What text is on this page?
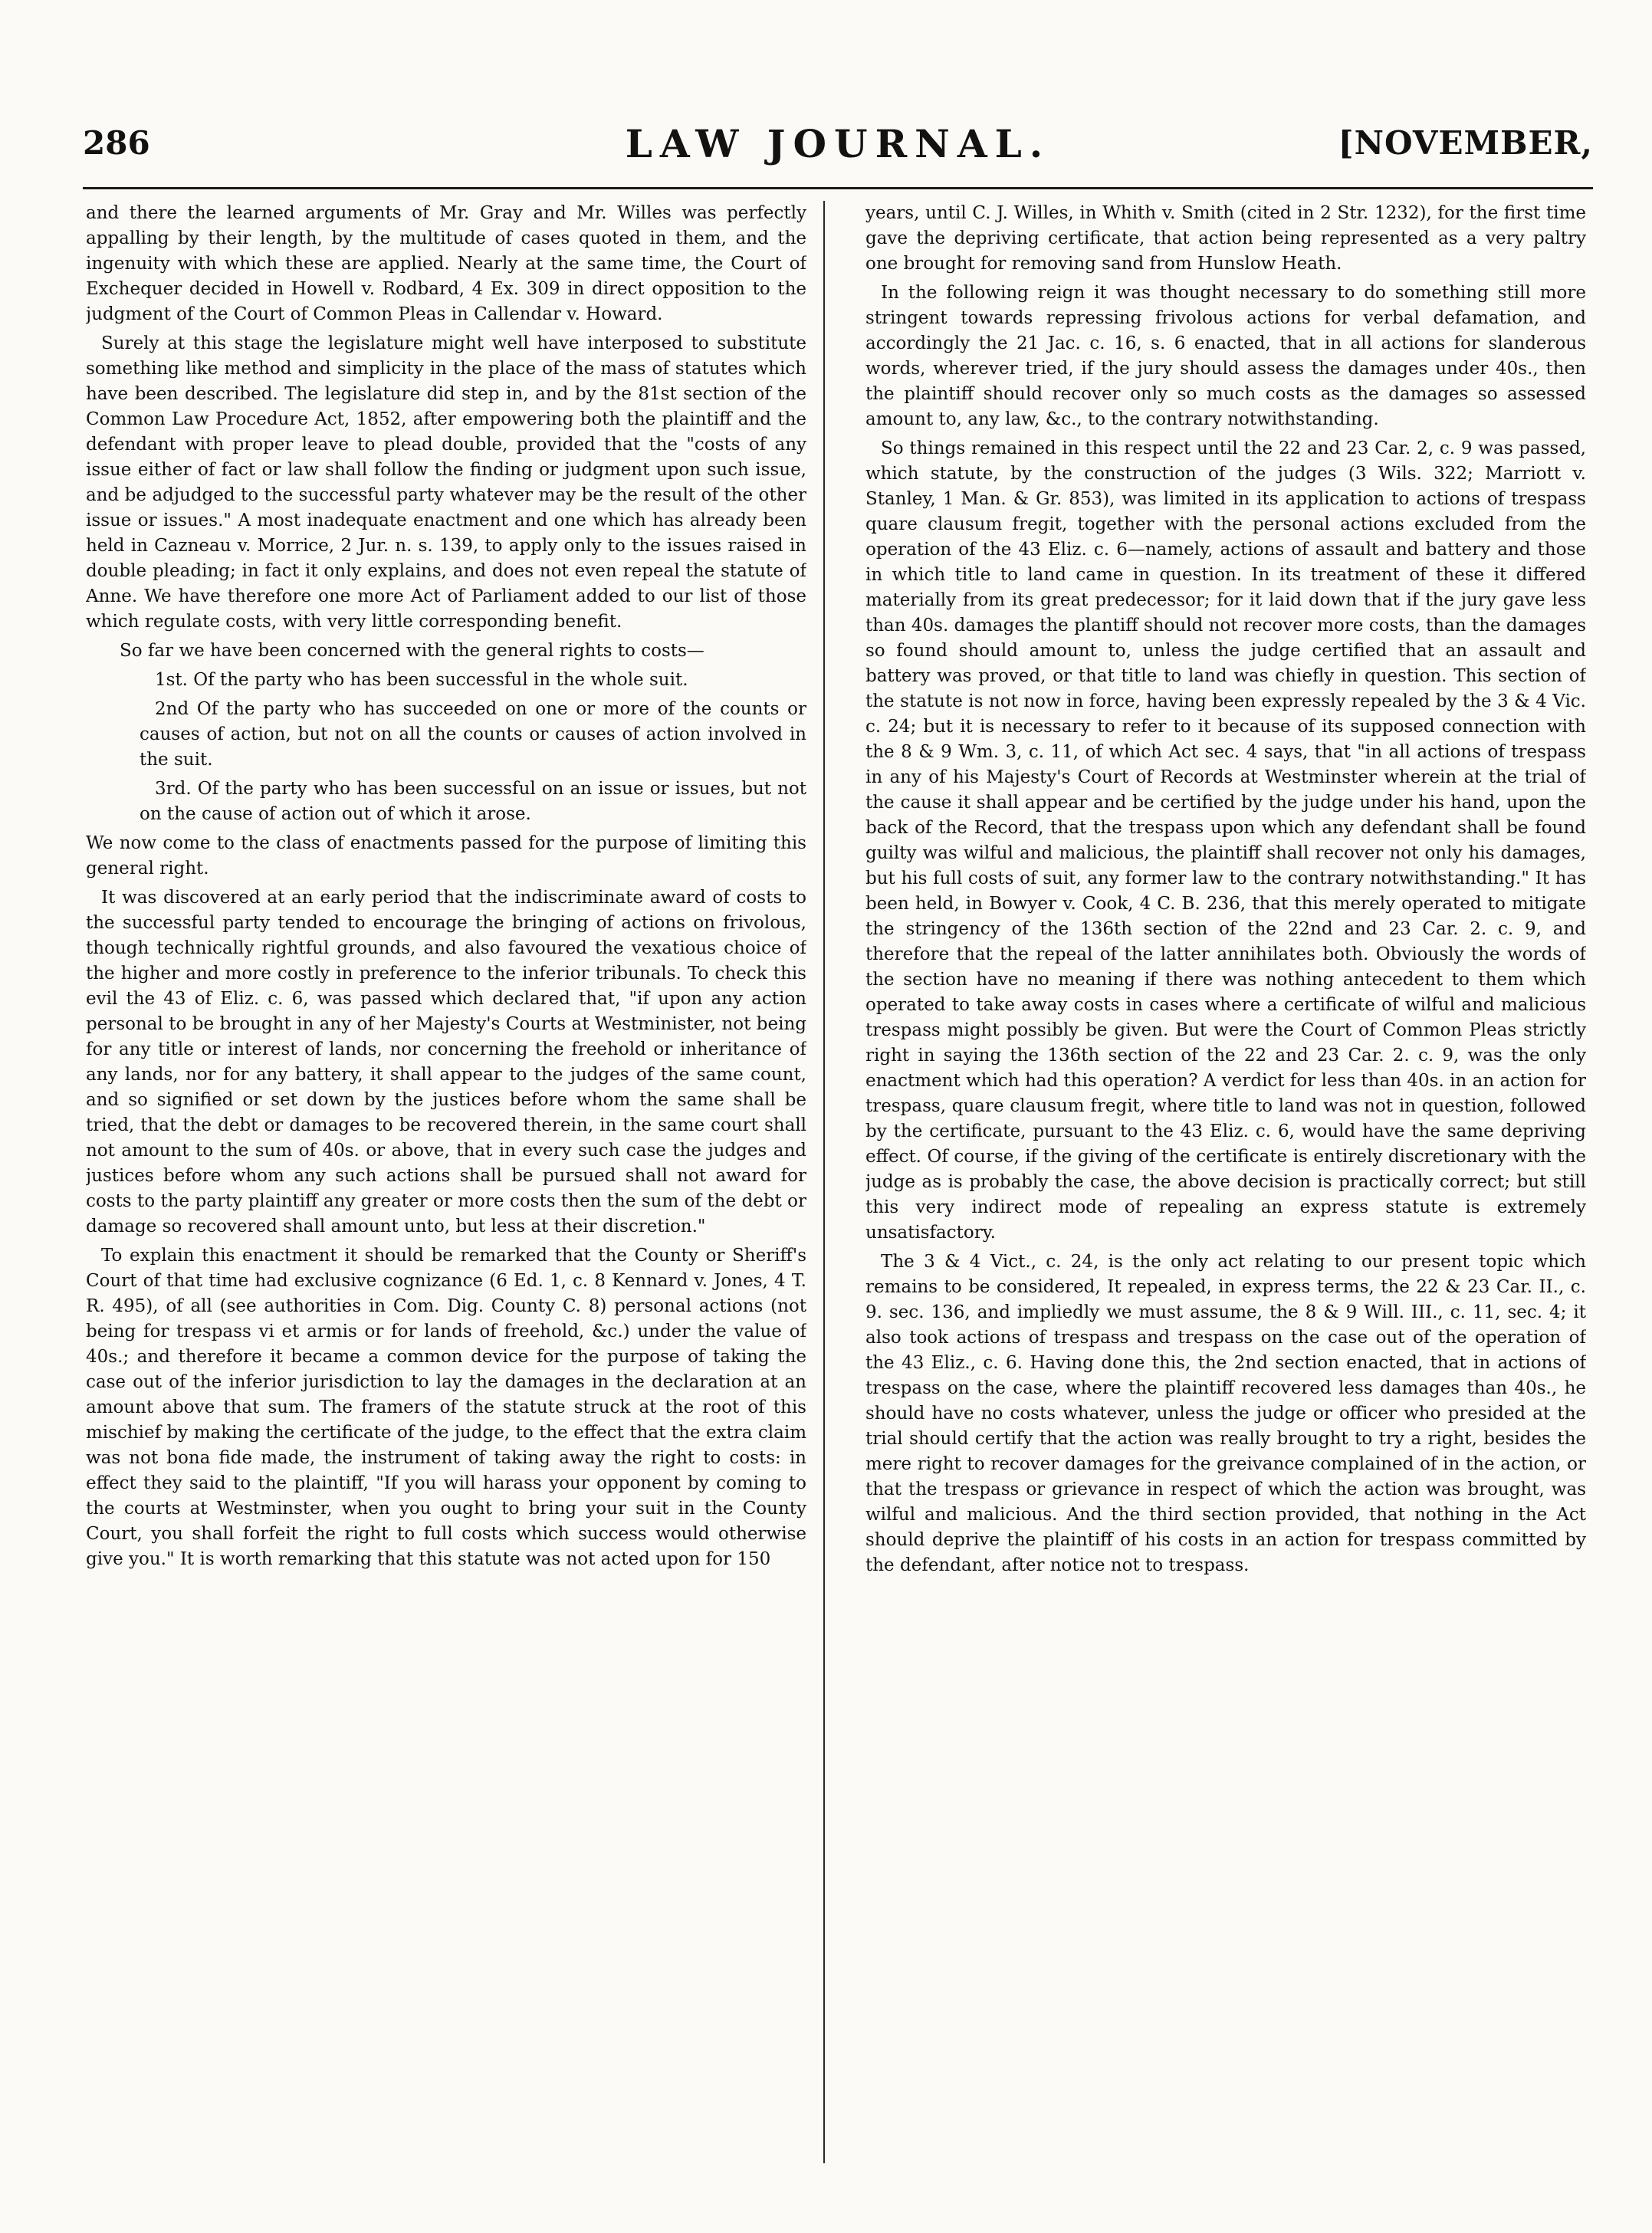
286	LAW JOURNAL.	[NOVEMBER,

and there the learned arguments of Mr. Gray and Mr. Willes was perfectly appalling by their length, by the multitude of cases quoted in them, and the ingenuity with which these are applied. Nearly at the same time, the Court of Exchequer decided in Howell v. Rodbard, 4 Ex. 309 in direct opposition to the judgment of the Court of Common Pleas in Callendar v. Howard.

Surely at this stage the legislature might well have interposed to substitute something like method and simplicity in the place of the mass of statutes which have been described. The legislature did step in, and by the 81st section of the Common Law Procedure Act, 1852, after empowering both the plaintiff and the defendant with proper leave to plead double, provided that the "costs of any issue either of fact or law shall follow the finding or judgment upon such issue, and be adjudged to the successful party whatever may be the result of the other issue or issues." A most inadequate enactment and one which has already been held in Cazneau v. Morrice, 2 Jur. n. s. 139, to apply only to the issues raised in double pleading; in fact it only explains, and does not even repeal the statute of Anne. We have therefore one more Act of Parliament added to our list of those which regulate costs, with very little corresponding benefit.

So far we have been concerned with the general rights to costs—

1st. Of the party who has been successful in the whole suit.

2nd Of the party who has succeeded on one or more of the counts or causes of action, but not on all the counts or causes of action involved in the suit.

3rd. Of the party who has been successful on an issue or issues, but not on the cause of action out of which it arose.

We now come to the class of enactments passed for the purpose of limiting this general right.

It was discovered at an early period that the indiscriminate award of costs to the successful party tended to encourage the bringing of actions on frivolous, though technically rightful grounds, and also favoured the vexatious choice of the higher and more costly in preference to the inferior tribunals. To check this evil the 43 of Eliz. c. 6, was passed which declared that, "if upon any action personal to be brought in any of her Majesty's Courts at Westminister, not being for any title or interest of lands, nor concerning the freehold or inheritance of any lands, nor for any battery, it shall appear to the judges of the same count, and so signified or set down by the justices before whom the same shall be tried, that the debt or damages to be recovered therein, in the same court shall not amount to the sum of 40s. or above, that in every such case the judges and justices before whom any such actions shall be pursued shall not award for costs to the party plaintiff any greater or more costs then the sum of the debt or damage so recovered shall amount unto, but less at their discretion."

To explain this enactment it should be remarked that the County or Sheriff's Court of that time had exclusive cognizance (6 Ed. 1, c. 8 Kennard v. Jones, 4 T. R. 495), of all (see authorities in Com. Dig. County C. 8) personal actions (not being for trespass vi et armis or for lands of freehold, &c.) under the value of 40s.; and therefore it became a common device for the purpose of taking the case out of the inferior jurisdiction to lay the damages in the declaration at an amount above that sum. The framers of the statute struck at the root of this mischief by making the certificate of the judge, to the effect that the extra claim was not bona fide made, the instrument of taking away the right to costs: in effect they said to the plaintiff, "If you will harass your opponent by coming to the courts at Westminster, when you ought to bring your suit in the County Court, you shall forfeit the right to full costs which success would otherwise give you." It is worth remarking that this statute was not acted upon for 150

years, until C. J. Willes, in Whith v. Smith (cited in 2 Str. 1232), for the first time gave the depriving certificate, that action being represented as a very paltry one brought for removing sand from Hunslow Heath.

In the following reign it was thought necessary to do something still more stringent towards repressing frivolous actions for verbal defamation, and accordingly the 21 Jac. c. 16, s. 6 enacted, that in all actions for slanderous words, wherever tried, if the jury should assess the damages under 40s., then the plaintiff should recover only so much costs as the damages so assessed amount to, any law, &c., to the contrary notwithstanding.

So things remained in this respect until the 22 and 23 Car. 2, c. 9 was passed, which statute, by the construction of the judges (3 Wils. 322; Marriott v. Stanley, 1 Man. & Gr. 853), was limited in its application to actions of trespass quare clausum fregit, together with the personal actions excluded from the operation of the 43 Eliz. c. 6—namely, actions of assault and battery and those in which title to land came in question. In its treatment of these it differed materially from its great predecessor; for it laid down that if the jury gave less than 40s. damages the plantiff should not recover more costs, than the damages so found should amount to, unless the judge certified that an assault and battery was proved, or that title to land was chiefly in question. This section of the statute is not now in force, having been expressly repealed by the 3 & 4 Vic. c. 24; but it is necessary to refer to it because of its supposed connection with the 8 & 9 Wm. 3, c. 11, of which Act sec. 4 says, that "in all actions of trespass in any of his Majesty's Court of Records at Westminster wherein at the trial of the cause it shall appear and be certified by the judge under his hand, upon the back of the Record, that the trespass upon which any defendant shall be found guilty was wilful and malicious, the plaintiff shall recover not only his damages, but his full costs of suit, any former law to the contrary notwithstanding." It has been held, in Bowyer v. Cook, 4 C. B. 236, that this merely operated to mitigate the stringency of the 136th section of the 22nd and 23 Car. 2. c. 9, and therefore that the repeal of the latter annihilates both. Obviously the words of the section have no meaning if there was nothing antecedent to them which operated to take away costs in cases where a certificate of wilful and malicious trespass might possibly be given. But were the Court of Common Pleas strictly right in saying the 136th section of the 22 and 23 Car. 2. c. 9, was the only enactment which had this operation? A verdict for less than 40s. in an action for trespass, quare clausum fregit, where title to land was not in question, followed by the certificate, pursuant to the 43 Eliz. c. 6, would have the same depriving effect. Of course, if the giving of the certificate is entirely discretionary with the judge as is probably the case, the above decision is practically correct; but still this very indirect mode of repealing an express statute is extremely unsatisfactory.

The 3 & 4 Vict., c. 24, is the only act relating to our present topic which remains to be considered, It repealed, in express terms, the 22 & 23 Car. II., c. 9. sec. 136, and impliedly we must assume, the 8 & 9 Will. III., c. 11, sec. 4; it also took actions of trespass and trespass on the case out of the operation of the 43 Eliz., c. 6. Having done this, the 2nd section enacted, that in actions of trespass on the case, where the plaintiff recovered less damages than 40s., he should have no costs whatever, unless the judge or officer who presided at the trial should certify that the action was really brought to try a right, besides the mere right to recover damages for the greivance complained of in the action, or that the trespass or grievance in respect of which the action was brought, was wilful and malicious. And the third section provided, that nothing in the Act should deprive the plaintiff of his costs in an action for trespass committed by the defendant, after notice not to trespass.
